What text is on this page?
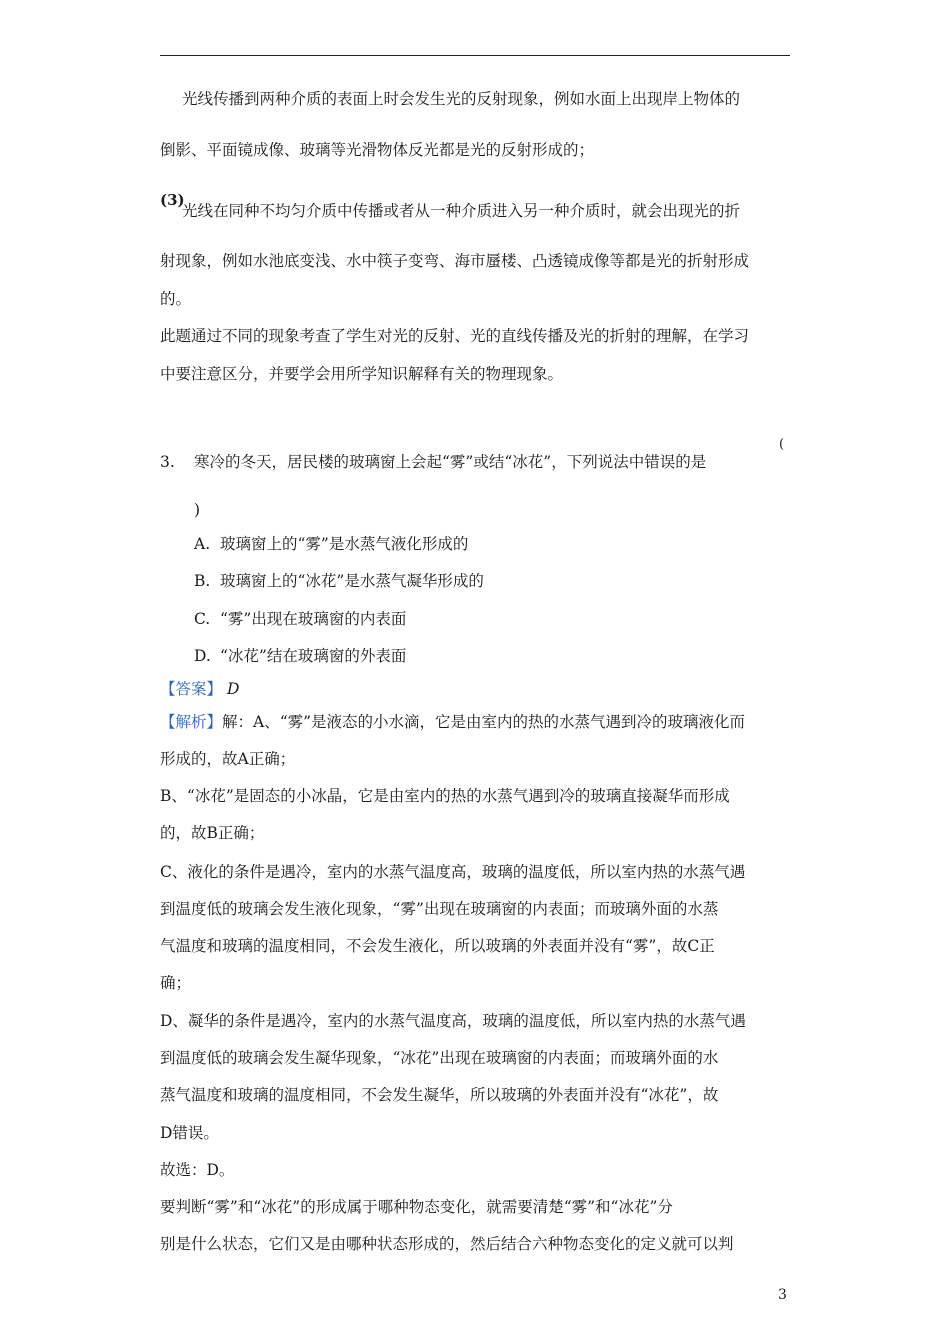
光线传播到两种介质的表面上时会发生光的反射现象，例如水面上出现岸上物体的
倒影、平面镜成像、玻璃等光滑物体反光都是光的反射形成的；
(3)
光线在同种不均匀介质中传播或者从一种介质进入另一种介质时，就会出现光的折
射现象，例如水池底变浅、水中筷子变弯、海市蜃楼、凸透镜成像等都是光的折射形成
的。
此题通过不同的现象考查了学生对光的反射、光的直线传播及光的折射的理解，在学习
中要注意区分，并要学会用所学知识解释有关的物理现象。
3. 寒冷的冬天，居民楼的玻璃窗上会起“雾”或结“冰花”，下列说法中错误的是
(
)
A. 玻璃窗上的“雾”是水蒸气液化形成的
B. 玻璃窗上的“冰花”是水蒸气凝华形成的
C. “雾”出现在玻璃窗的内表面
D. “冰花”结在玻璃窗的外表面
【答案】 D
【解析】 解：A、“雾”是液态的小水滴，它是由室内的热的水蒸气遇到冷的玻璃液化而
形成的，故A正确；
B、“冰花”是固态的小冰晶，它是由室内的热的水蒸气遇到冷的玻璃直接凝华而形成
的，故B正确；
C、液化的条件是遇冷，室内的水蒸气温度高，玻璃的温度低，所以室内热的水蒸气遇
到温度低的玻璃会发生液化现象，“雾”出现在玻璃窗的内表面；而玻璃外面的水蒸
气温度和玻璃的温度相同，不会发生液化，所以玻璃的外表面并没有“雾”，故C正
确；
D、凝华的条件是遇冷，室内的水蒸气温度高，玻璃的温度低，所以室内热的水蒸气遇
到温度低的玻璃会发生凝华现象，“冰花”出现在玻璃窗的内表面；而玻璃外面的水
蒸气温度和玻璃的温度相同，不会发生凝华，所以玻璃的外表面并没有“冰花”，故
D错误。
故选：D。
要判断“雾”和“冰花”的形成属于哪种物态变化，就需要清楚“雾”和“冰花”分
别是什么状态，它们又是由哪种状态形成的，然后结合六种物态变化的定义就可以判
3
